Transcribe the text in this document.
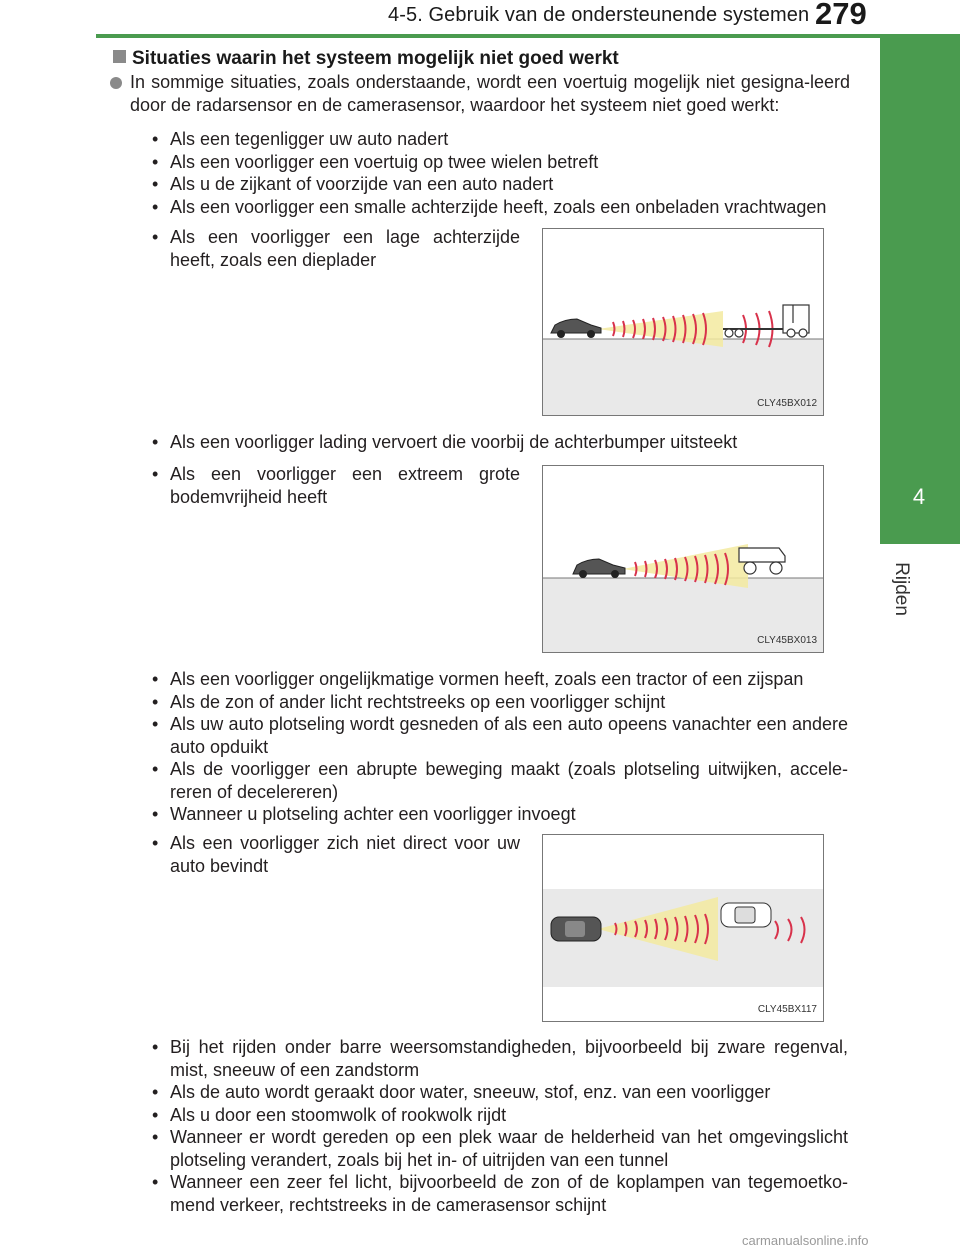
4-5. Gebruik van de ondersteunende systemen 279
4
Rijden
Situaties waarin het systeem mogelijk niet goed werkt
In sommige situaties, zoals onderstaande, wordt een voertuig mogelijk niet gesigna-leerd door de radarsensor en de camerasensor, waardoor het systeem niet goed werkt:
• Als een tegenligger uw auto nadert
• Als een voorligger een voertuig op twee wielen betreft
• Als u de zijkant of voorzijde van een auto nadert
• Als een voorligger een smalle achterzijde heeft, zoals een onbeladen vrachtwagen
• Als een voorligger een lage achterzijde heeft, zoals een dieplader
CLY45BX012
• Als een voorligger lading vervoert die voorbij de achterbumper uitsteekt
• Als een voorligger een extreem grote bodemvrijheid heeft
CLY45BX013
• Als een voorligger ongelijkmatige vormen heeft, zoals een tractor of een zijspan
• Als de zon of ander licht rechtstreeks op een voorligger schijnt
• Als uw auto plotseling wordt gesneden of als een auto opeens vanachter een andere auto opduikt
• Als de voorligger een abrupte beweging maakt (zoals plotseling uitwijken, accele-reren of decelereren)
• Wanneer u plotseling achter een voorligger invoegt
• Als een voorligger zich niet direct voor uw auto bevindt
CLY45BX117
• Bij het rijden onder barre weersomstandigheden, bijvoorbeeld bij zware regenval, mist, sneeuw of een zandstorm
• Als de auto wordt geraakt door water, sneeuw, stof, enz. van een voorligger
• Als u door een stoomwolk of rookwolk rijdt
• Wanneer er wordt gereden op een plek waar de helderheid van het omgevingslicht plotseling verandert, zoals bij het in- of uitrijden van een tunnel
• Wanneer een zeer fel licht, bijvoorbeeld de zon of de koplampen van tegemoetko-mend verkeer, rechtstreeks in de camerasensor schijnt
carmanualsonline.info
